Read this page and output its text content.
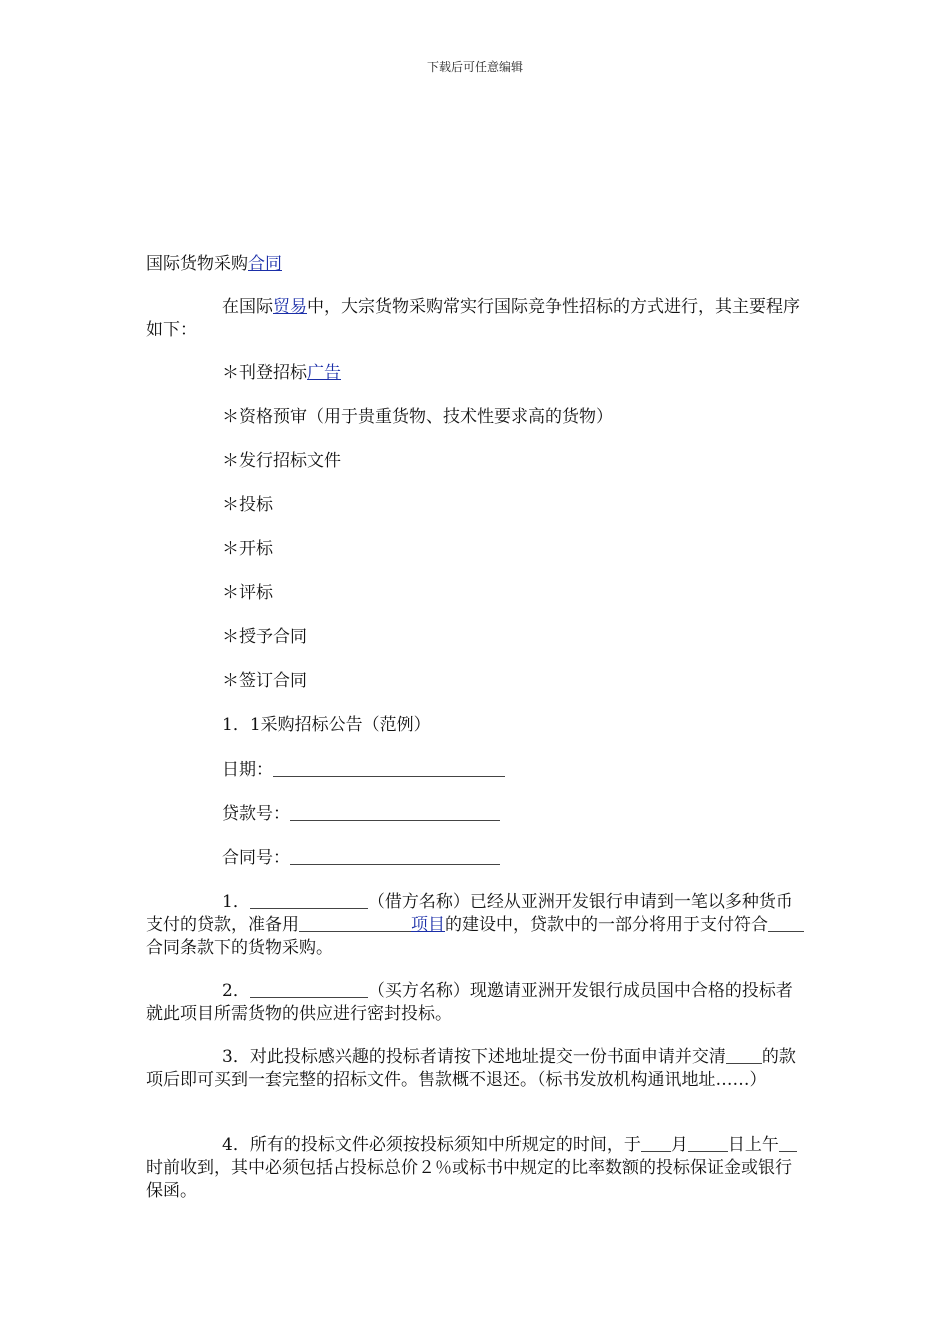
下载后可任意编辑
国际货物采购合同
在国际贸易中，大宗货物采购常实行国际竞争性招标的方式进行，其主要程序如下：
＊刊登招标广告
＊资格预审（用于贵重货物、技术性要求高的货物）
＊发行招标文件
＊投标
＊开标
＊评标
＊授予合同
＊签订合同
1．1采购招标公告（范例）
日期：
贷款号：
合同号：
1．	（借方名称）已经从亚洲开发银行申请到一笔以多种货币支付的贷款，准备用	项目的建设中，贷款中的一部分将用于支付符合合同条款下的货物采购。
2．	（买方名称）现邀请亚洲开发银行成员国中合格的投标者就此项目所需货物的供应进行密封投标。
3．对此投标感兴趣的投标者请按下述地址提交一份书面申请并交清 的款项后即可买到一套完整的招标文件。售款概不退还。（标书发放机构通讯地址……）
4．所有的投标文件必须按投标须知中所规定的时间，于 月 日上午时前收到，其中必须包括占投标总价２％或标书中规定的比率数额的投标保证金或银行保函。
